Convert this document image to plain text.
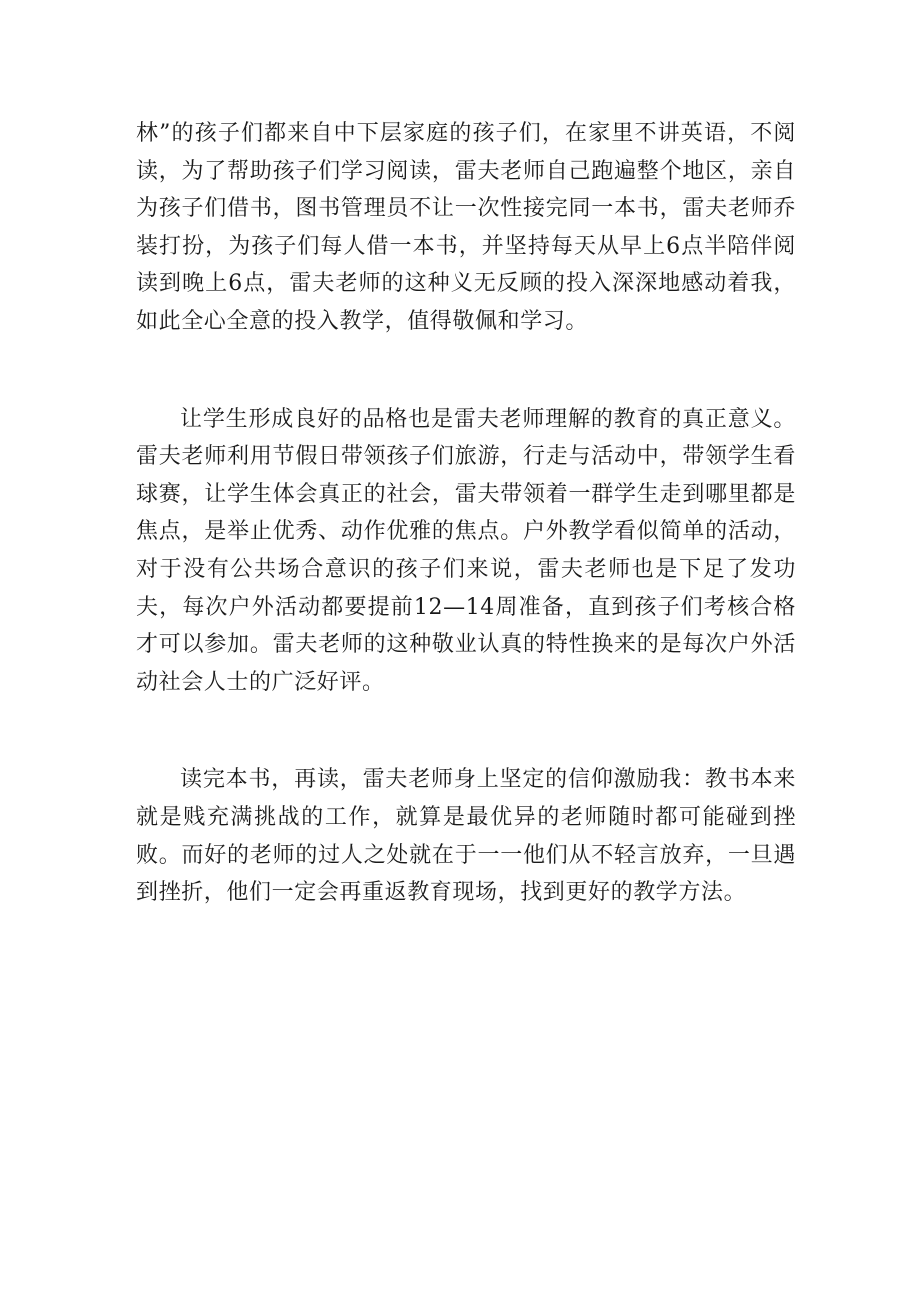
林”的孩子们都来自中下层家庭的孩子们，在家里不讲英语，不阅读，为了帮助孩子们学习阅读，雷夫老师自己跑遍整个地区，亲自为孩子们借书，图书管理员不让一次性接完同一本书，雷夫老师乔装打扮，为孩子们每人借一本书，并坚持每天从早上6点半陪伴阅读到晚上6点，雷夫老师的这种义无反顾的投入深深地感动着我，如此全心全意的投入教学，值得敬佩和学习。

让学生形成良好的品格也是雷夫老师理解的教育的真正意义。雷夫老师利用节假日带领孩子们旅游，行走与活动中，带领学生看球赛，让学生体会真正的社会，雷夫带领着一群学生走到哪里都是焦点，是举止优秀、动作优雅的焦点。户外教学看似简单的活动，对于没有公共场合意识的孩子们来说，雷夫老师也是下足了发功夫，每次户外活动都要提前12—14周准备，直到孩子们考核合格才可以参加。雷夫老师的这种敬业认真的特性换来的是每次户外活动社会人士的广泛好评。

读完本书，再读，雷夫老师身上坚定的信仰激励我：教书本来就是贱充满挑战的工作，就算是最优异的老师随时都可能碰到挫败。而好的老师的过人之处就在于一一他们从不轻言放弃，一旦遇到挫折，他们一定会再重返教育现场，找到更好的教学方法。
